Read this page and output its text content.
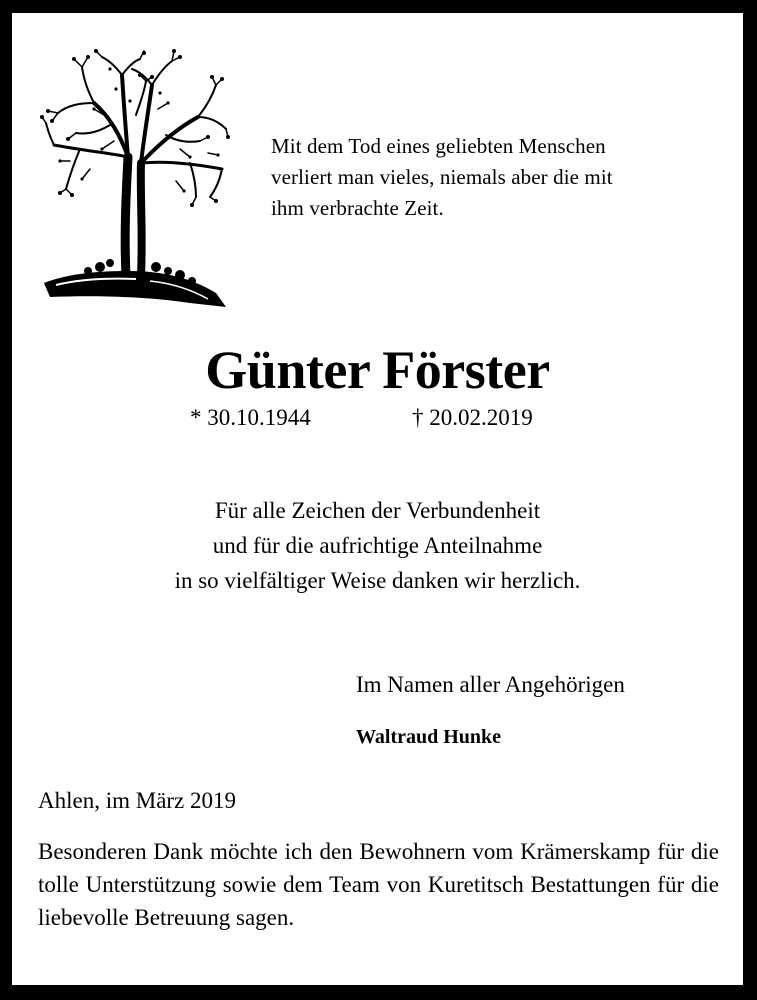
Mit dem Tod eines geliebten Menschen
verliert man vieles, niemals aber die mit
ihm verbrachte Zeit.
Günter Förster
* 30.10.1944	† 20.02.2019
Für alle Zeichen der Verbundenheit
und für die aufrichtige Anteilnahme
in so vielfältiger Weise danken wir herzlich.
Im Namen aller Angehörigen
Waltraud Hunke
Ahlen, im März 2019
Besonderen Dank möchte ich den Bewohnern vom Krämerskamp für die tolle Unterstützung sowie dem Team von Kuretitsch Bestattungen für die liebevolle Betreuung sagen.
